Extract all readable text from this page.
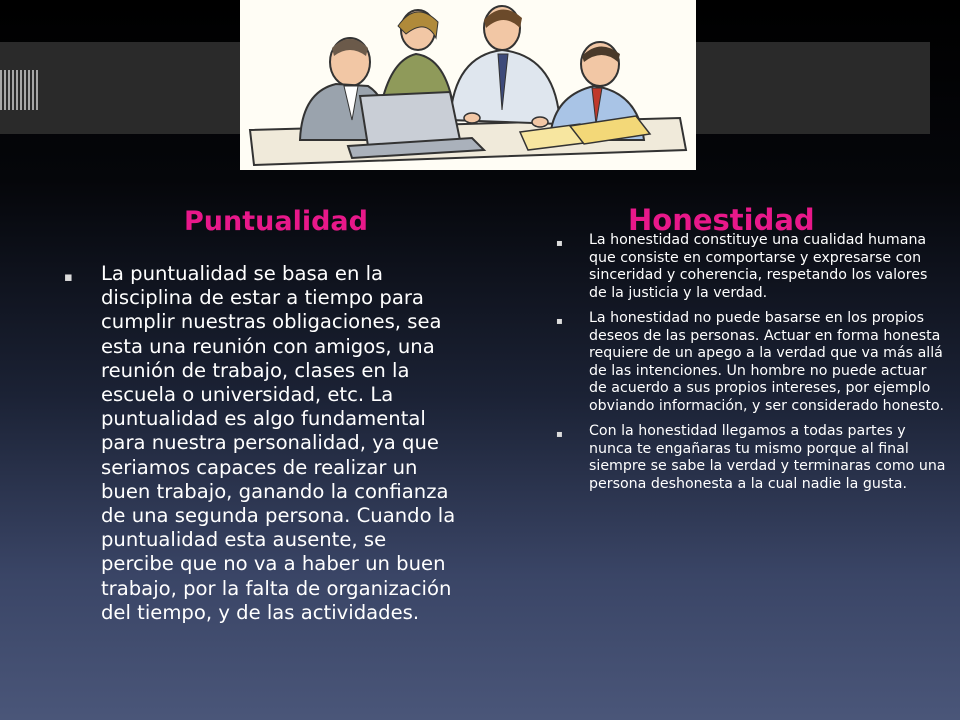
Puntualidad	Honestidad
▪ La puntualidad se basa en la disciplina de estar a tiempo para cumplir nuestras obligaciones, sea esta una reunión con amigos, una reunión de trabajo, clases en la escuela o universidad, etc. La puntualidad es algo fundamental para nuestra personalidad, ya que seriamos capaces de realizar un buen trabajo, ganando la confianza de una segunda persona. Cuando la puntualidad esta ausente, se percibe que no va a haber un buen trabajo, por la falta de organización del tiempo, y de las actividades.
▪ La honestidad constituye una cualidad humana que consiste en comportarse y expresarse con sinceridad y coherencia, respetando los valores de la justicia y la verdad.
▪ La honestidad no puede basarse en los propios deseos de las personas. Actuar en forma honesta requiere de un apego a la verdad que va más allá de las intenciones. Un hombre no puede actuar de acuerdo a sus propios intereses, por ejemplo obviando información, y ser considerado honesto.
▪ Con la honestidad llegamos a todas partes y nunca te engañaras tu mismo porque al final siempre se sabe la verdad y terminaras como una persona deshonesta a la cual nadie la gusta.
